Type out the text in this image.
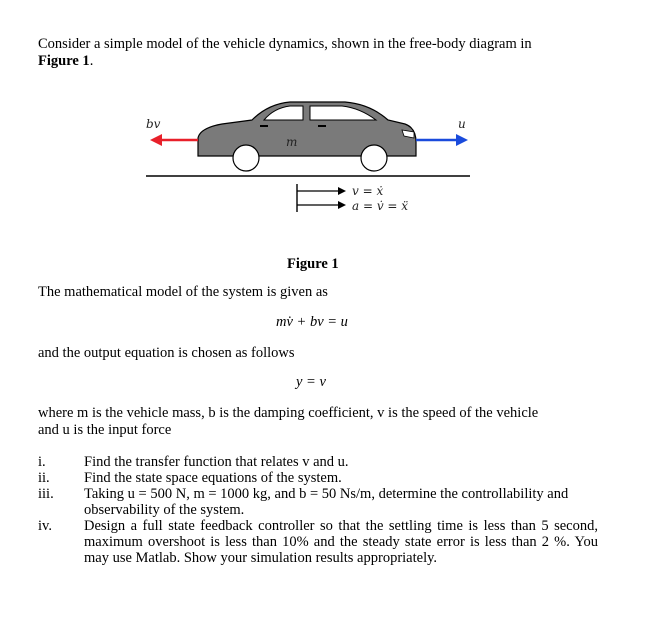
Consider a simple model of the vehicle dynamics, shown in the free-body diagram in
Figure 1.
bv
m
u
v = ẋ
a = v̇ = ẍ
Figure 1
The mathematical model of the system is given as
mv̇ + bv = u
and the output equation is chosen as follows
y = v
where m is the vehicle mass, b is the damping coefficient, v is the speed of the vehicle
and u is the input force
i.	Find the transfer function that relates v and u.
ii.	Find the state space equations of the system.
iii.	Taking u = 500 N, m = 1000 kg, and b = 50 Ns/m, determine the controllability and observability of the system.
iv.	Design a full state feedback controller so that the settling time is less than 5 second, maximum overshoot is less than 10% and the steady state error is less than 2 %. You may use Matlab. Show your simulation results appropriately.
